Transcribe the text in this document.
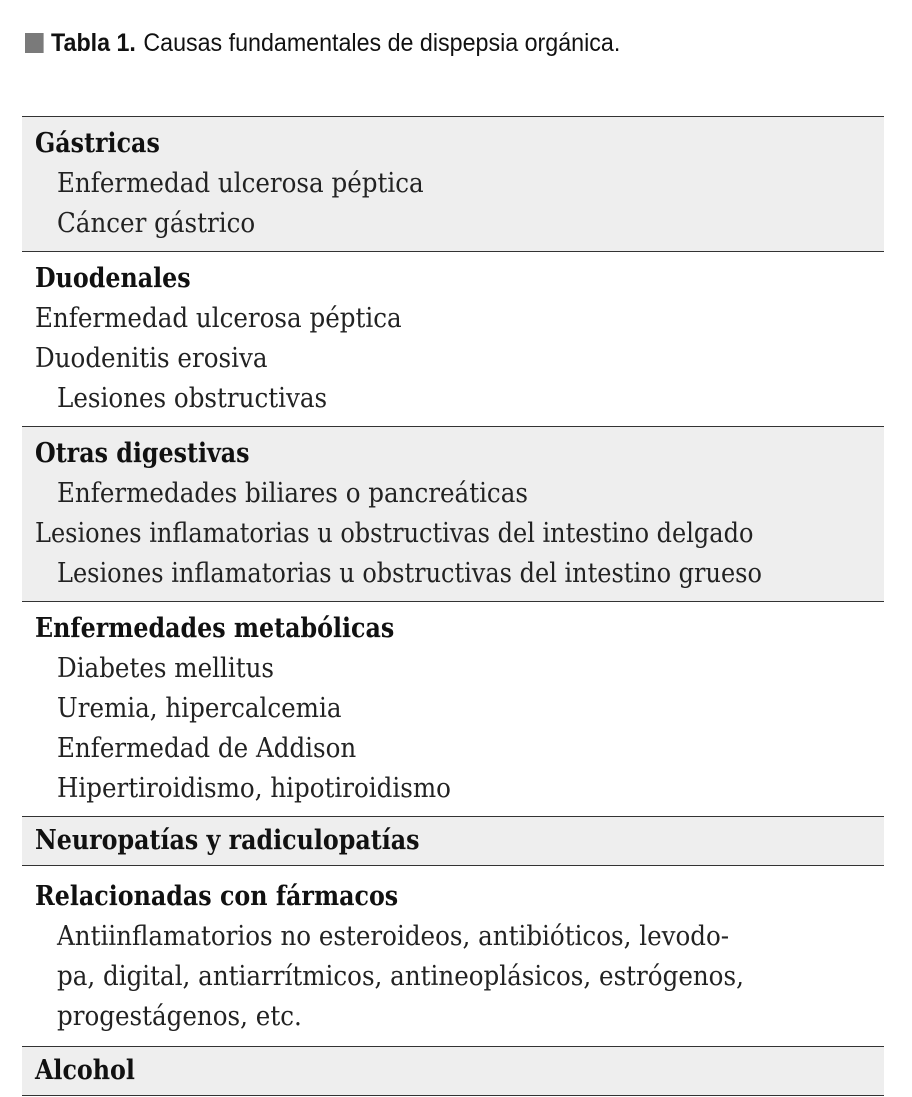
Tabla 1. Causas fundamentales de dispepsia orgánica.
Gástricas
Enfermedad ulcerosa péptica
Cáncer gástrico
Duodenales
Enfermedad ulcerosa péptica
Duodenitis erosiva
Lesiones obstructivas
Otras digestivas
Enfermedades biliares o pancreáticas
Lesiones inflamatorias u obstructivas del intestino delgado
Lesiones inflamatorias u obstructivas del intestino grueso
Enfermedades metabólicas
Diabetes mellitus
Uremia, hipercalcemia
Enfermedad de Addison
Hipertiroidismo, hipotiroidismo
Neuropatías y radiculopatías
Relacionadas con fármacos
Antiinflamatorios no esteroideos, antibióticos, levodo-
pa, digital, antiarrítmicos, antineoplásicos, estrógenos,
progestágenos, etc.
Alcohol
